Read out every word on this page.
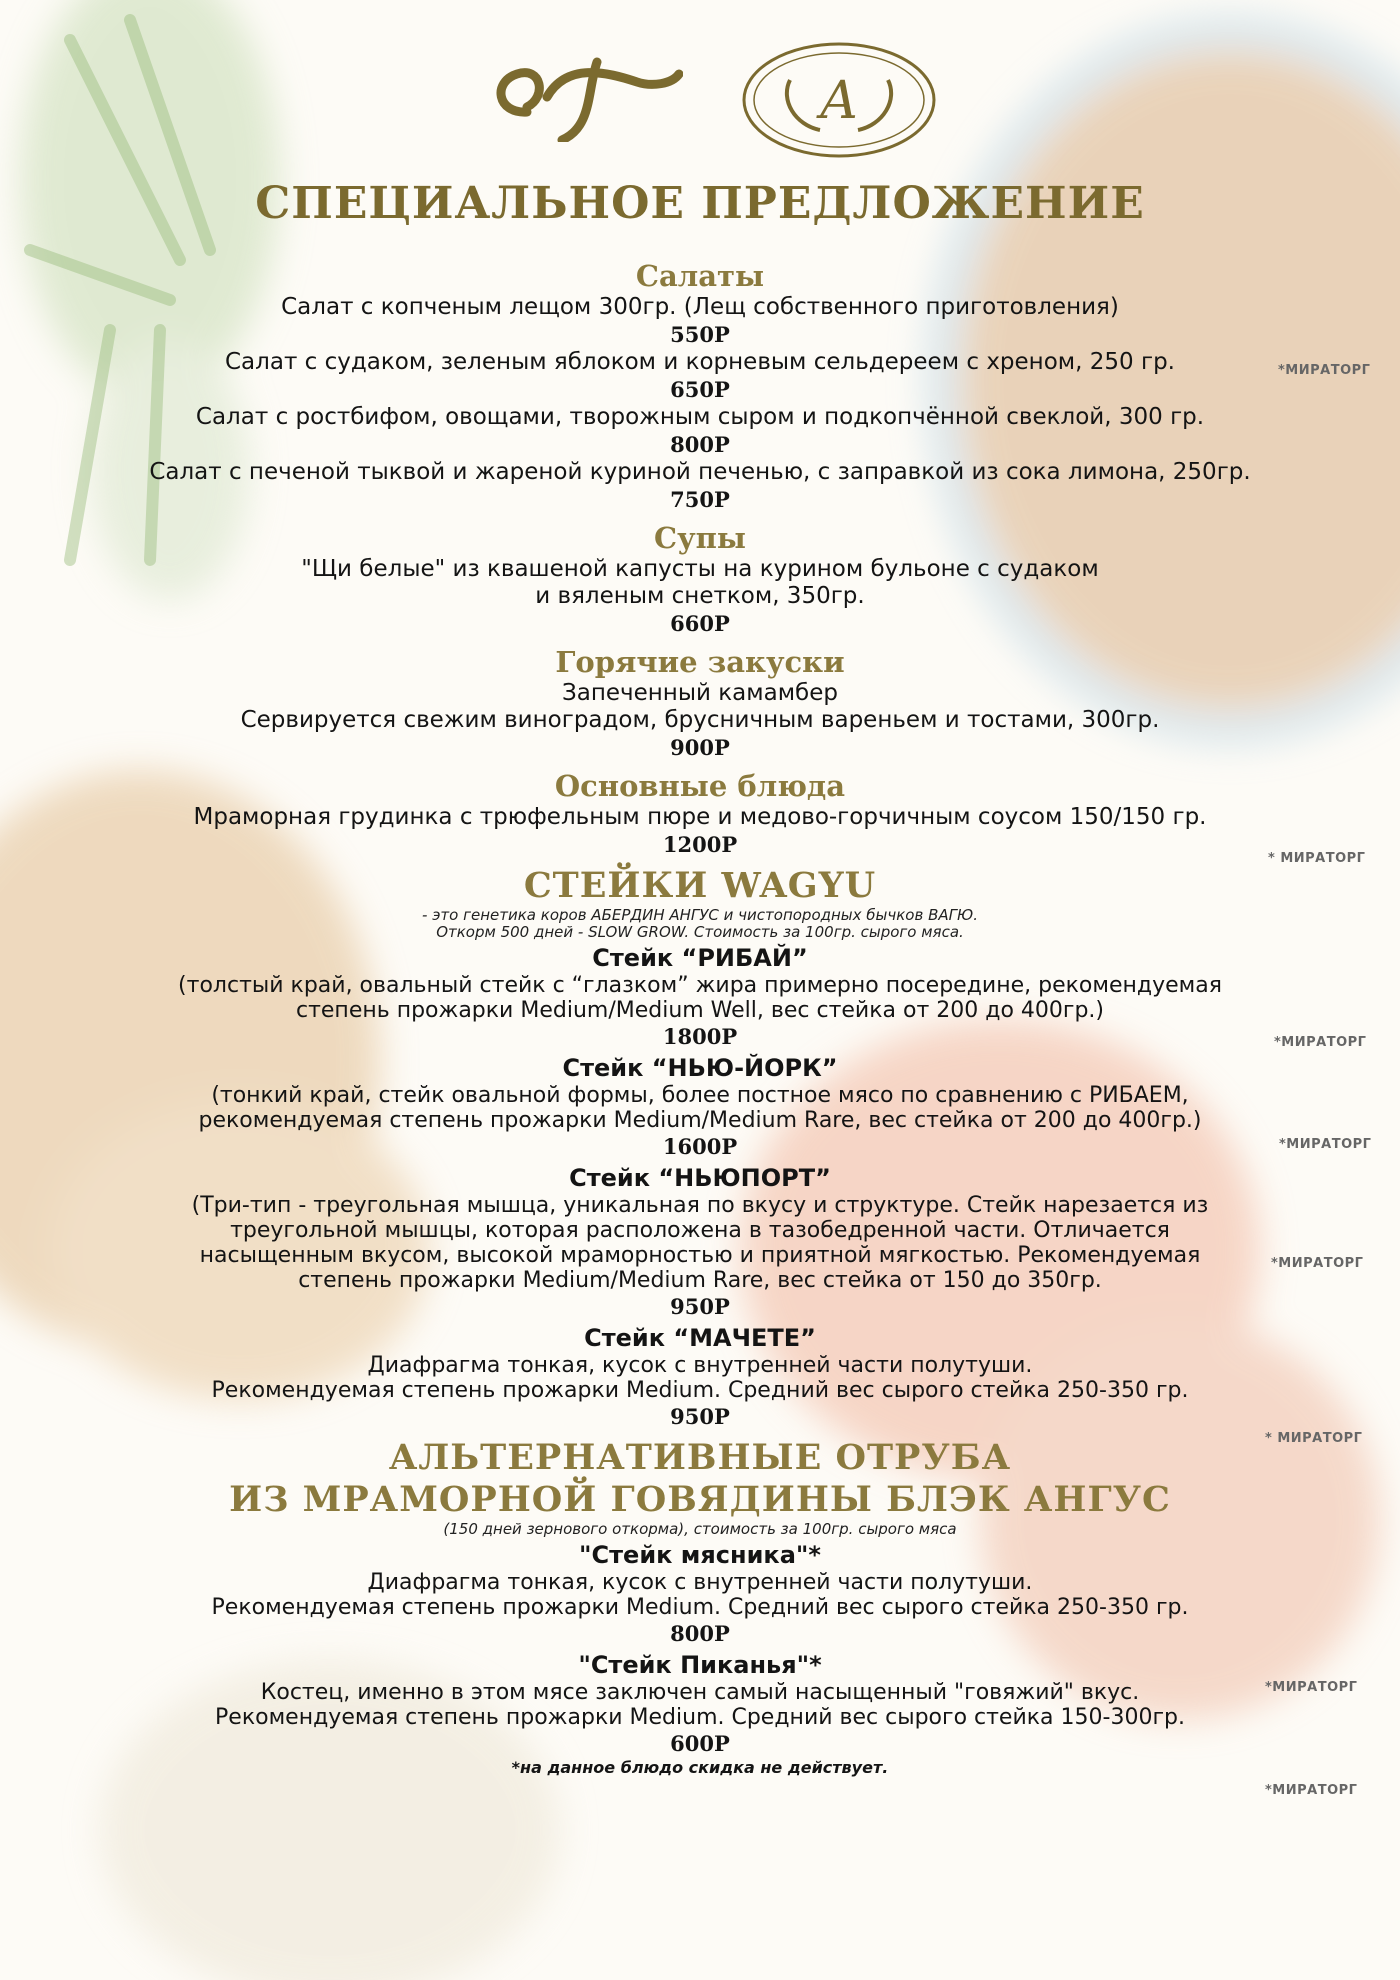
A
СПЕЦИАЛЬНОЕ ПРЕДЛОЖЕНИЕ
Салаты
Салат с копченым лещом 300гр. (Лещ собственного приготовления)
550Р
Салат с судаком, зеленым яблоком и корневым сельдереем с хреном, 250 гр.
650Р
Салат с ростбифом, овощами, творожным сыром и подкопчённой свеклой, 300 гр.
800Р
Салат с печеной тыквой и жареной куриной печенью, с заправкой из сока лимона, 250гр.
750Р
Супы
"Щи белые" из квашеной капусты на курином бульоне с судаком
и вяленым снетком, 350гр.
660Р
Горячие закуски
Запеченный камамбер
Сервируется свежим виноградом, брусничным вареньем и тостами, 300гр.
900Р
Основные блюда
Мраморная грудинка с трюфельным пюре и медово-горчичным соусом 150/150 гр.
1200Р
СТЕЙКИ WAGYU
- это генетика коров АБЕРДИН АНГУС и чистопородных бычков ВАГЮ.
Откорм 500 дней - SLOW GROW. Стоимость за 100гр. сырого мяса.
Стейк “РИБАЙ”
(толстый край, овальный стейк с “глазком” жира примерно посередине, рекомендуемая
степень прожарки Medium/Medium Well, вес стейка от 200 до 400гр.)
1800Р
Стейк “НЬЮ-ЙОРК”
(тонкий край, стейк овальной формы, более постное мясо по сравнению с РИБАЕМ,
рекомендуемая степень прожарки Medium/Medium Rare, вес стейка от 200 до 400гр.)
1600Р
Стейк “НЬЮПОРТ”
(Три-тип - треугольная мышца, уникальная по вкусу и структуре. Стейк нарезается из
треугольной мышцы, которая расположена в тазобедренной части. Отличается
насыщенным вкусом, высокой мраморностью и приятной мягкостью. Рекомендуемая
степень прожарки Medium/Medium Rare, вес стейка от 150 до 350гр.
950Р
Стейк “МАЧЕТЕ”
Диафрагма тонкая, кусок с внутренней части полутуши.
Рекомендуемая степень прожарки Medium. Средний вес сырого стейка 250-350 гр.
950Р
АЛЬТЕРНАТИВНЫЕ ОТРУБА
ИЗ МРАМОРНОЙ ГОВЯДИНЫ БЛЭК АНГУС
(150 дней зернового откорма), стоимость за 100гр. сырого мяса
"Стейк мясника"*
Диафрагма тонкая, кусок с внутренней части полутуши.
Рекомендуемая степень прожарки Medium. Средний вес сырого стейка 250-350 гр.
800Р
"Стейк Пиканья"*
Костец, именно в этом мясе заключен самый насыщенный "говяжий" вкус.
Рекомендуемая степень прожарки Medium. Средний вес сырого стейка 150-300гр.
600Р
*на данное блюдо скидка не действует.
*МИРАТОРГ
* МИРАТОРГ
*МИРАТОРГ
*МИРАТОРГ
*МИРАТОРГ
* МИРАТОРГ
*МИРАТОРГ
*МИРАТОРГ
